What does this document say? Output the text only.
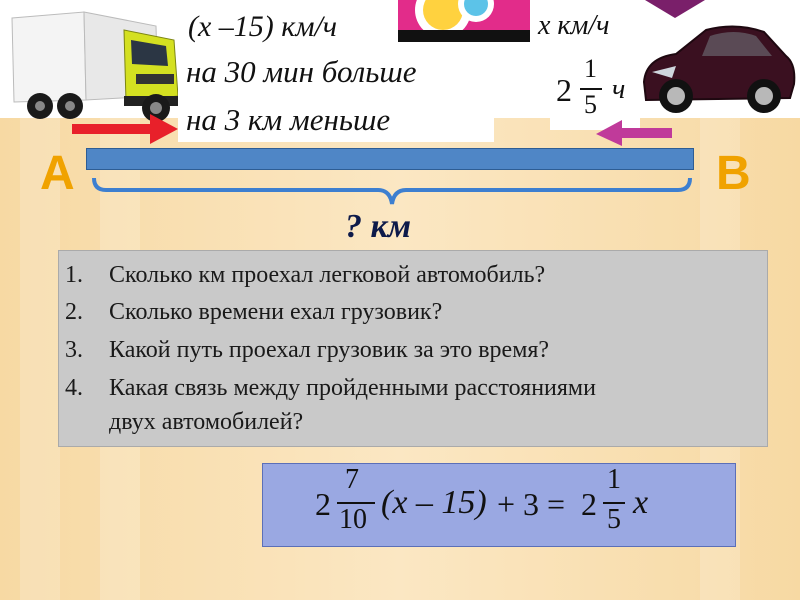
(x –15) км/ч
на 30 мин больше
на 3 км меньше
x км/ч
2
1
5 ч
A	B
? км
1. Сколько км проехал легковой автомобиль?
2. Сколько времени ехал грузовик?
3. Какой путь проехал грузовик за это время?
4. Какая связь между пройденными расстояниями
двух автомобилей?
2
7
10 (x – 15) + 3 = 2
1
5 x
